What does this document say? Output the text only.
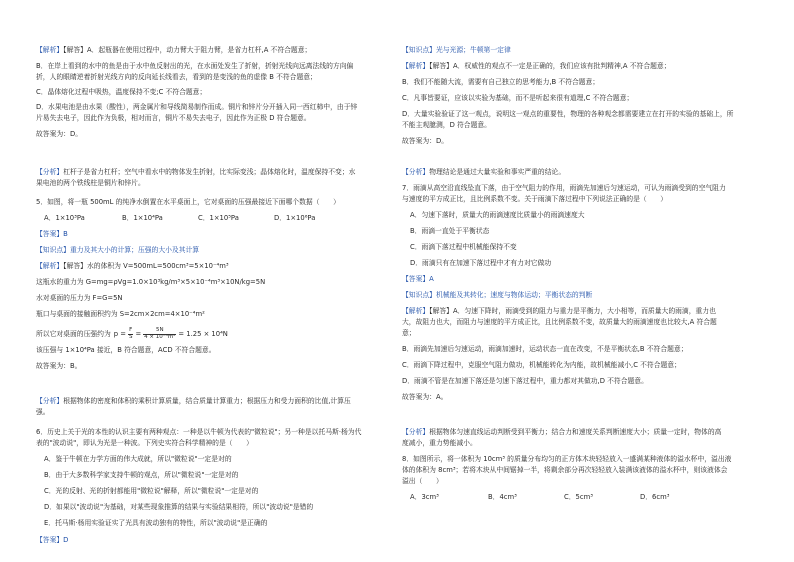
【解析】【解答】A．起瓶器在使用过程中，动力臂大于阻力臂，是省力杠杆,A 不符合题意；
B．在岸上看到的水中的鱼是由于水中鱼反射出的光，在水面处发生了折射，折射光线向远离法线的方向偏
折，人的眼睛逆着折射光线方向的反向延长线看去，看到的是变浅的鱼的虚像 B 不符合题意；
C．晶体熔化过程中吸热，温度保持不变;C 不符合题意；
D．水果电池是由水果（酸性），两金属片和导线简易制作而成。铜片和锌片分开插入同一西红柿中，由于锌
片易失去电子，因此作为负极，相对而言，铜片不易失去电子，因此作为正极 D 符合题意。
故答案为：D。
【分析】杠杆子是省力杠杆；空气中看水中的物体发生折射，比实际变浅；晶体熔化时，温度保持不变；水
果电池的两个铁线柱是铜片和锌片。
5．如图，将一瓶 500mL 的纯净水倒置在水平桌面上，它对桌面的压强最接近下面哪个数据（　　）
A．1×10³Pa	B．1×10⁴Pa	C．1×10⁵Pa	D．1×10⁶Pa
【答案】B
【知识点】重力及其大小的计算；压强的大小及其计算
【解析】【解答】水的体积为 V=500mL=500cm³=5×10⁻⁴m³
这瓶水的重力为 G=mg=ρVg=1.0×10³kg/m³×5×10⁻⁴m³×10N/kg=5N
水对桌面的压力为 F=G=5N
瓶口与桌面的接触面积约为 S=2cm×2cm=4×10⁻⁴m²
所以它对桌面的压强约为 $p = \frac{F}{S} = \frac{5N}{\text{4 × 10⁻⁴m²}} = 1.25 \times 10^4N$
该压强与 1×10⁴Pa 接近，B 符合题意，ACD 不符合题意。
故答案为：B。
【分析】根据物体的密度和体积的乘积计算质量，结合质量计算重力；根据压力和受力面积的比值,计算压
强。
6．历史上关于光的本性的认识主要有两种观点：一种是以牛顿为代表的"微粒说"；另一种是以托马斯·杨为代
表的"波动说"，即认为光是一种波。下列史实符合科学精神的是（　　）
A．鉴于牛顿在力学方面的伟大成就，所以"微粒说"一定是对的
B．由于大多数科学家支持牛顿的观点，所以"微粒说"一定是对的
C．光的反射、光的折射都能用"微粒说"解释，所以"微粒说"一定是对的
D．如果以"波动说"为基础，对某些现象推算的结果与实验结果相符，所以"波动说"是错的
E．托马斯·杨用实验证实了光具有波动独有的特性，所以"波动说"是正确的
【答案】D
【知识点】光与光源；牛顿第一定律
【解析】【解答】A．权威性的观点不一定是正确的，我们应该有批判精神,A 不符合题意；
B．我们不能随大流，需要有自己独立的思考能力,B 不符合题意；
C．凡事皆要证，应该以实验为基础，而不是听起来很有道理,C 不符合题意；
D．大量实验验证了这一观点，说明这一观点的重要性，物理的各种观念都需要建立在打开的实验的基础上，所
不能主观臆测，D 符合题意。
故答案为：D。
【分析】物理结论是通过大量实验和事实严重的结论。
7．雨滴从高空沿直线坠直下落，由于空气阻力的作用，雨滴先加速后匀速运动，可认为雨滴受到的空气阻力
与速度的平方成正比，且比例系数不变。关于雨滴下落过程中下列说法正确的是（　　）
A．匀速下落时，质量大的雨滴速度比质量小的雨滴速度大
B．雨滴一直处于平衡状态
C．雨滴下落过程中机械能保持不变
D．雨滴只有在加速下落过程中才有力对它做功
【答案】A
【知识点】机械能及其转化；速度与物体运动；平衡状态的判断
【解析】【解答】A．匀速下降时，雨滴受到的阻力与重力是平衡力，大小相等，而质量大的雨滴，重力也
大，故阻力也大，而阻力与速度的平方成正比，且比例系数不变，故质量大的雨滴速度也比较大,A 符合题
意；
B．雨滴先加速后匀速运动，雨滴加速时，运动状态一直在改变，不是平衡状态,B 不符合题意；
C．雨滴下降过程中，克服空气阻力做功，机械能转化为内能，故机械能减小,C 不符合题意；
D．雨滴不管是在加速下落还是匀速下落过程中，重力都对其做功,D 不符合题意。
故答案为：A。
【分析】根据物体匀速直线运动判断受到平衡力；结合力和速度关系判断速度大小；质量一定时，物体的高
度减小，重力势能减小。
8．如图所示，将一体积为 10cm³ 的质量分布均匀的正方体木块轻轻放入一盛满某种液体的溢水杯中，溢出液
体的体积为 8cm³；若将木块从中间锯掉一半，将剩余部分再次轻轻放入装满该液体的溢水杯中，则该液体会
溢出（　　）
A．3cm³	B．4cm³	C．5cm³	D．6cm³
